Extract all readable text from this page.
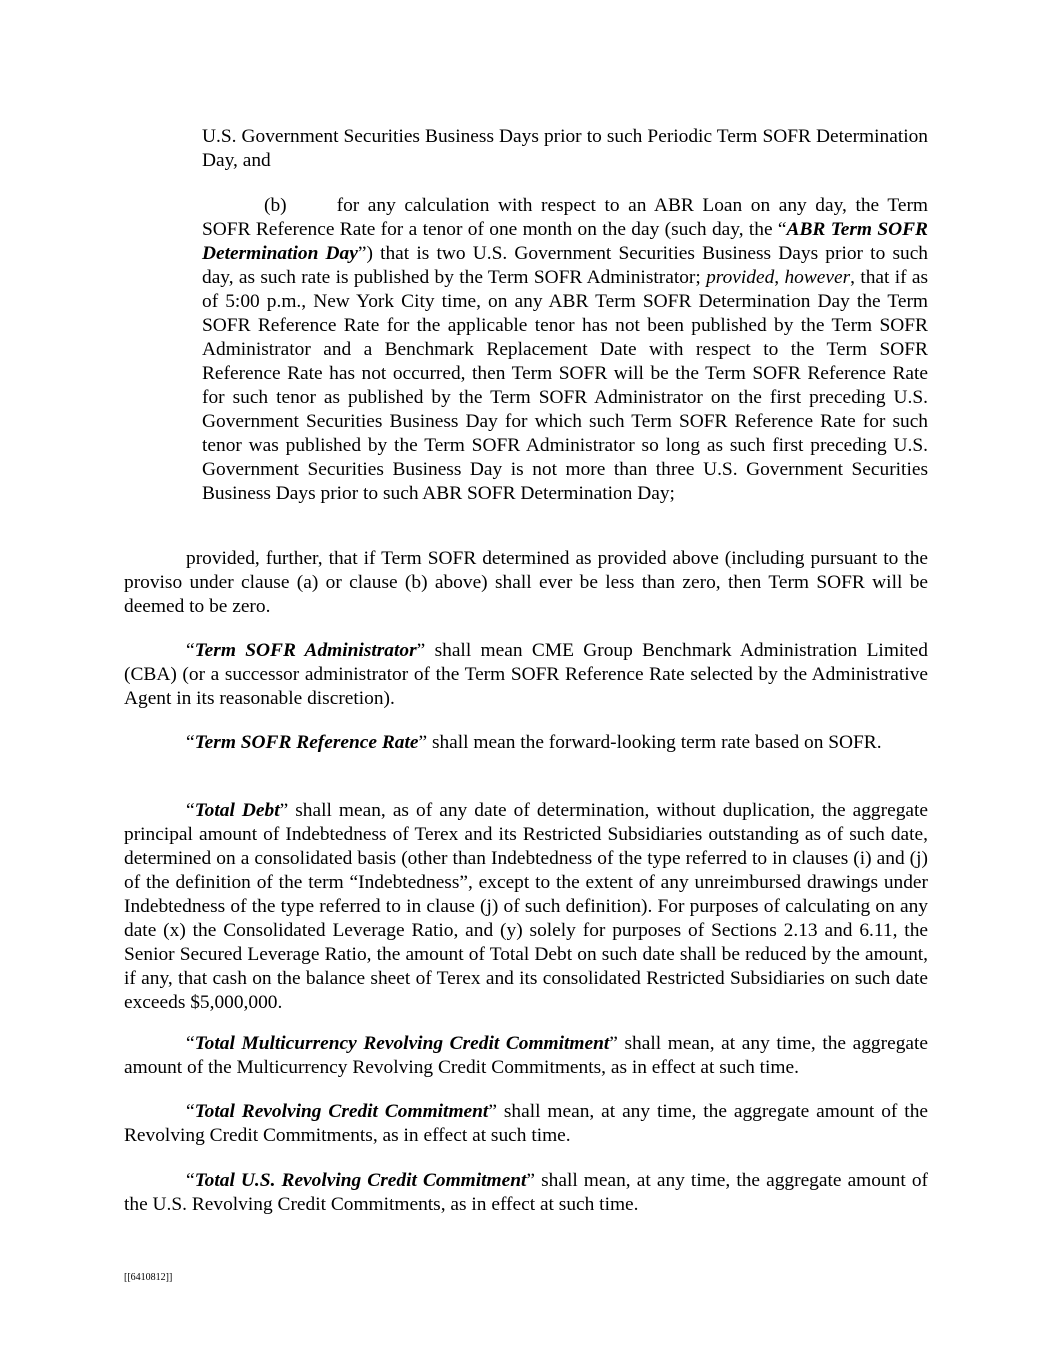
U.S. Government Securities Business Days prior to such Periodic Term SOFR Determination Day, and

(b)	for any calculation with respect to an ABR Loan on any day, the Term SOFR Reference Rate for a tenor of one month on the day (such day, the “ABR Term SOFR Determination Day”) that is two U.S. Government Securities Business Days prior to such day, as such rate is published by the Term SOFR Administrator; provided, however, that if as of 5:00 p.m., New York City time, on any ABR Term SOFR Determination Day the Term SOFR Reference Rate for the applicable tenor has not been published by the Term SOFR Administrator and a Benchmark Replacement Date with respect to the Term SOFR Reference Rate has not occurred, then Term SOFR will be the Term SOFR Reference Rate for such tenor as published by the Term SOFR Administrator on the first preceding U.S. Government Securities Business Day for which such Term SOFR Reference Rate for such tenor was published by the Term SOFR Administrator so long as such first preceding U.S. Government Securities Business Day is not more than three U.S. Government Securities Business Days prior to such ABR SOFR Determination Day;

provided, further, that if Term SOFR determined as provided above (including pursuant to the proviso under clause (a) or clause (b) above) shall ever be less than zero, then Term SOFR will be deemed to be zero.

“Term SOFR Administrator” shall mean CME Group Benchmark Administration Limited (CBA) (or a successor administrator of the Term SOFR Reference Rate selected by the Administrative Agent in its reasonable discretion).

“Term SOFR Reference Rate” shall mean the forward-looking term rate based on SOFR.

“Total Debt” shall mean, as of any date of determination, without duplication, the aggregate principal amount of Indebtedness of Terex and its Restricted Subsidiaries outstanding as of such date, determined on a consolidated basis (other than Indebtedness of the type referred to in clauses (i) and (j) of the definition of the term “Indebtedness”, except to the extent of any unreimbursed drawings under Indebtedness of the type referred to in clause (j) of such definition). For purposes of calculating on any date (x) the Consolidated Leverage Ratio, and (y) solely for purposes of Sections 2.13 and 6.11, the Senior Secured Leverage Ratio, the amount of Total Debt on such date shall be reduced by the amount, if any, that cash on the balance sheet of Terex and its consolidated Restricted Subsidiaries on such date exceeds $5,000,000.

“Total Multicurrency Revolving Credit Commitment” shall mean, at any time, the aggregate amount of the Multicurrency Revolving Credit Commitments, as in effect at such time.

“Total Revolving Credit Commitment” shall mean, at any time, the aggregate amount of the Revolving Credit Commitments, as in effect at such time.

“Total U.S. Revolving Credit Commitment” shall mean, at any time, the aggregate amount of the U.S. Revolving Credit Commitments, as in effect at such time.

[[6410812]]
